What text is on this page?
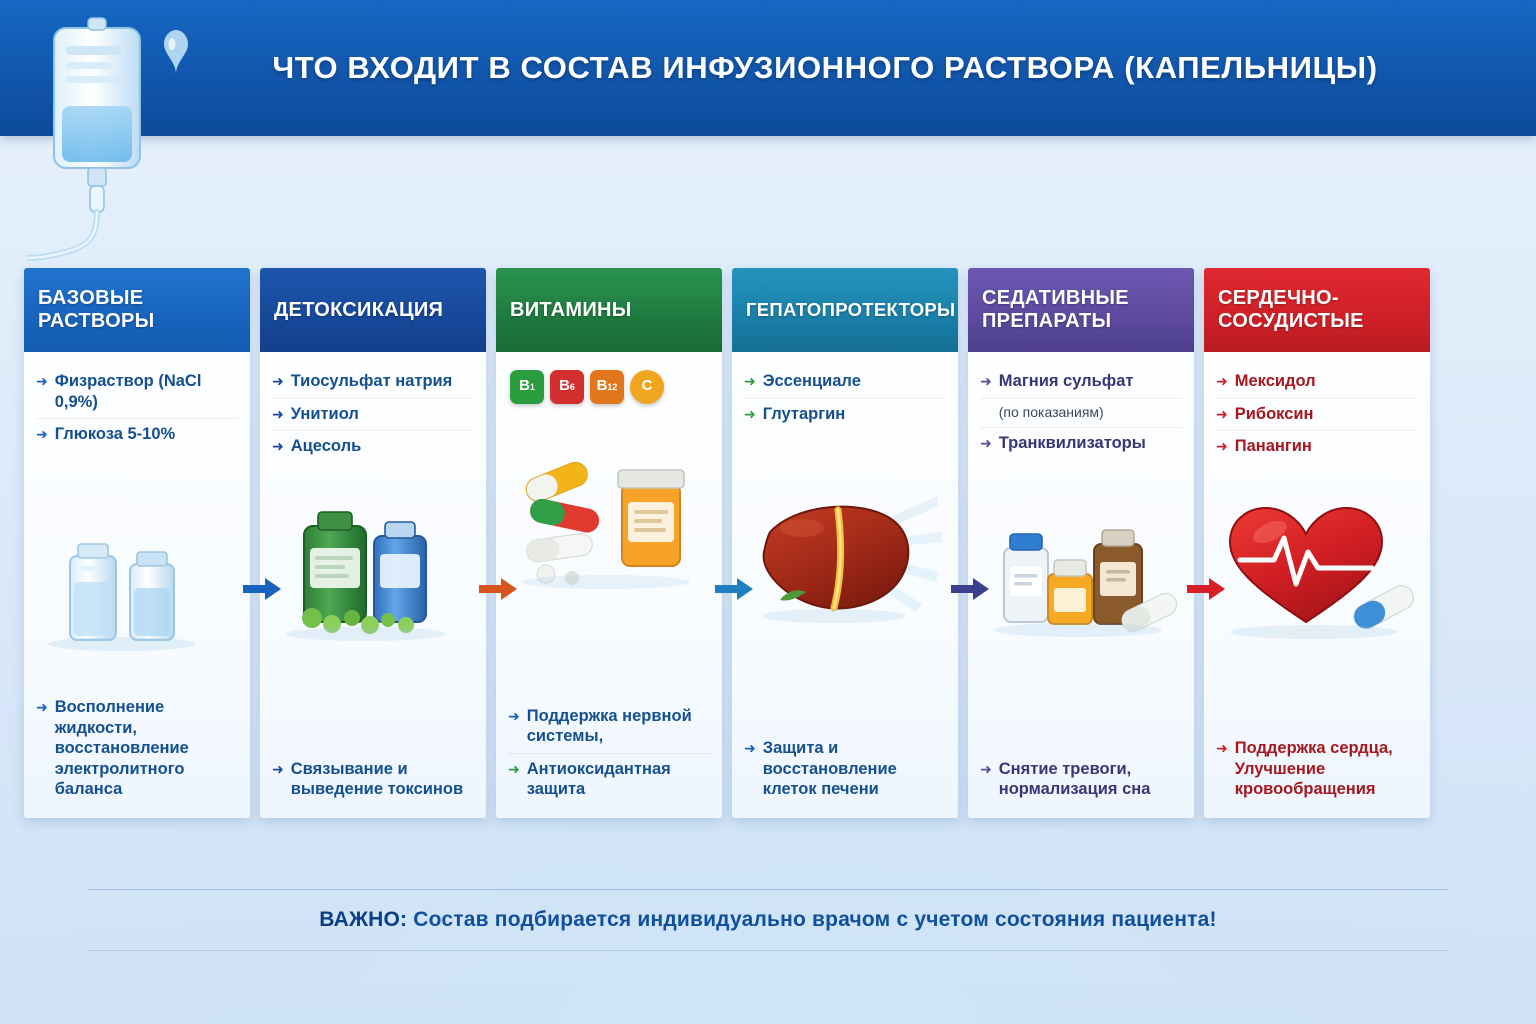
ЧТО ВХОДИТ В СОСТАВ ИНФУЗИОННОГО РАСТВОРА (КАПЕЛЬНИЦЫ)
БАЗОВЫЕ РАСТВОРЫ
➜ Физраствор (NaCl 0,9%)
➜ Глюкоза 5-10%
➜ Восполнение жидкости, восстановление электролитного баланса
ДЕТОКСИКАЦИЯ
➜ Тиосульфат натрия
➜ Унитиол
➜ Ацесоль
➜ Связывание и выведение токсинов
ВИТАМИНЫ
B 1 B 6 B 12 C
➜ Поддержка нервной системы,
➜ Антиоксидантная защита
ГЕПАТОПРОТЕКТОРЫ
➜ Эссенциале
➜ Глутаргин
➜ Защита и восстановление клеток печени
СЕДАТИВНЫЕ ПРЕПАРАТЫ
➜ Магния сульфат
(по показаниям)
➜ Транквилизаторы
➜ Снятие тревоги, нормализация сна
СЕРДЕЧНО-СОСУДИСТЫЕ
➜ Мексидол
➜ Рибоксин
➜ Панангин
➜ Поддержка сердца, Улучшение кровообращения
ВАЖНО: Состав подбирается индивидуально врачом с учетом состояния пациента!
